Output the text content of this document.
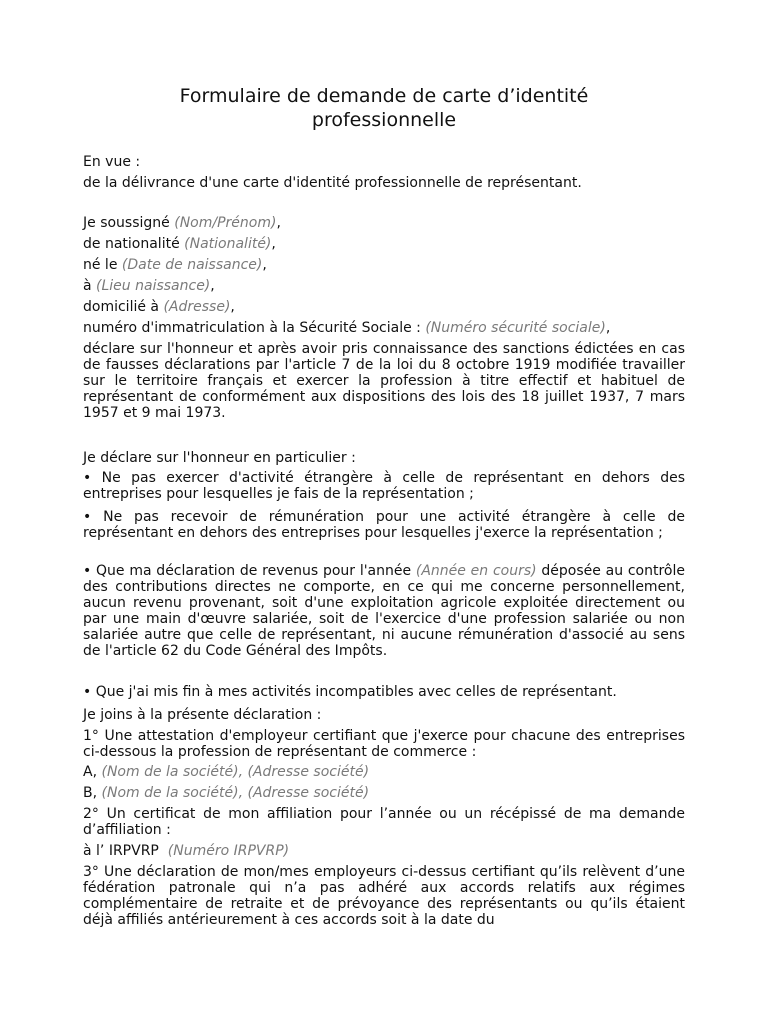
Formulaire de demande de carte d’identité
professionnelle
En vue :
de la délivrance d'une carte d'identité professionnelle de représentant.
Je soussigné (Nom/Prénom),
de nationalité (Nationalité),
né le (Date de naissance),
à (Lieu naissance),
domicilié à (Adresse),
numéro d'immatriculation à la Sécurité Sociale : (Numéro sécurité sociale),
déclare sur l'honneur et après avoir pris connaissance des sanctions édictées en cas de fausses déclarations par l'article 7 de la loi du 8 octobre 1919 modifiée travailler sur le territoire français et exercer la profession à titre effectif et habituel de représentant de conformément aux dispositions des lois des 18 juillet 1937, 7 mars 1957 et 9 mai 1973.
Je déclare sur l'honneur en particulier :
• Ne pas exercer d'activité étrangère à celle de représentant en dehors des entreprises pour lesquelles je fais de la représentation ;
• Ne pas recevoir de rémunération pour une activité étrangère à celle de représentant en dehors des entreprises pour lesquelles j'exerce la représentation ;
• Que ma déclaration de revenus pour l'année (Année en cours) déposée au contrôle des contributions directes ne comporte, en ce qui me concerne personnellement, aucun revenu provenant, soit d'une exploitation agricole exploitée directement ou par une main d'œuvre salariée, soit de l'exercice d'une profession salariée ou non salariée autre que celle de représentant, ni aucune rémunération d'associé au sens de l'article 62 du Code Général des Impôts.
• Que j'ai mis fin à mes activités incompatibles avec celles de représentant.
Je joins à la présente déclaration :
1° Une attestation d'employeur certifiant que j'exerce pour chacune des entreprises ci-dessous la profession de représentant de commerce :
A, (Nom de la société), (Adresse société)
B, (Nom de la société), (Adresse société)
2° Un certificat de mon affiliation pour l’année ou un récépissé de ma demande d’affiliation :
à l’ IRPVRP  (Numéro IRPVRP)
3° Une déclaration de mon/mes employeurs ci-dessus certifiant qu’ils relèvent d’une fédération patronale qui n’a pas adhéré aux accords relatifs aux régimes complémentaire de retraite et de prévoyance des représentants ou qu’ils étaient déjà affiliés antérieurement à ces accords soit à la date du
